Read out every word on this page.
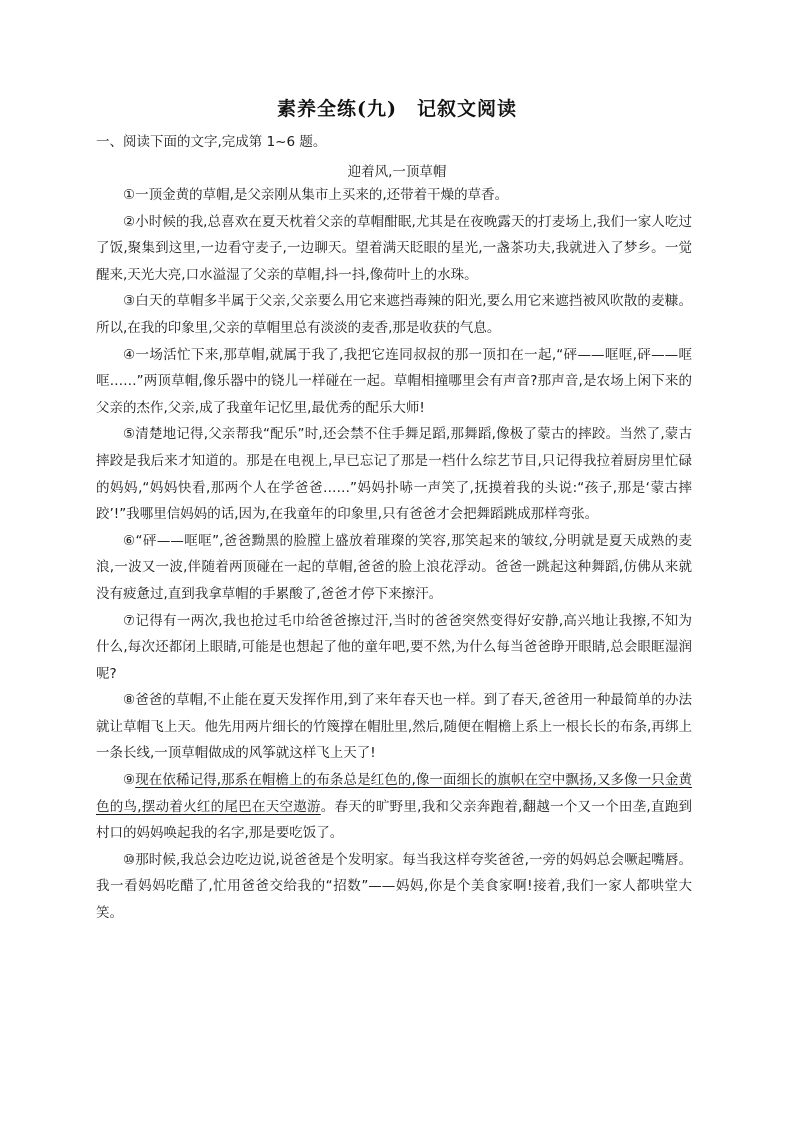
素养全练(九)　记叙文阅读
一、阅读下面的文字,完成第 1~6 题。
迎着风,一顶草帽

①一顶金黄的草帽,是父亲刚从集市上买来的,还带着干燥的草香。

②小时候的我,总喜欢在夏天枕着父亲的草帽酣眠,尤其是在夜晚露天的打麦场上,我们一家人吃过了饭,聚集到这里,一边看守麦子,一边聊天。望着满天眨眼的星光,一盏茶功夫,我就进入了梦乡。一觉醒来,天光大亮,口水溢湿了父亲的草帽,抖一抖,像荷叶上的水珠。

③白天的草帽多半属于父亲,父亲要么用它来遮挡毒辣的阳光,要么用它来遮挡被风吹散的麦糠。所以,在我的印象里,父亲的草帽里总有淡淡的麦香,那是收获的气息。

④一场活忙下来,那草帽,就属于我了,我把它连同叔叔的那一顶扣在一起,“砰——哐哐,砰——哐哐……”两顶草帽,像乐器中的铙儿一样碰在一起。草帽相撞哪里会有声音?那声音,是农场上闲下来的父亲的杰作,父亲,成了我童年记忆里,最优秀的配乐大师!

⑤清楚地记得,父亲帮我“配乐”时,还会禁不住手舞足蹈,那舞蹈,像极了蒙古的摔跤。当然了,蒙古摔跤是我后来才知道的。那是在电视上,早已忘记了那是一档什么综艺节目,只记得我拉着厨房里忙碌的妈妈,“妈妈快看,那两个人在学爸爸……”妈妈扑哧一声笑了,抚摸着我的头说:“孩子,那是‘蒙古摔跤’!”我哪里信妈妈的话,因为,在我童年的印象里,只有爸爸才会把舞蹈跳成那样弯张。

⑥“砰——哐哐”,爸爸黝黑的脸膛上盛放着璀璨的笑容,那笑起来的皱纹,分明就是夏天成熟的麦浪,一波又一波,伴随着两顶碰在一起的草帽,爸爸的脸上浪花浮动。爸爸一跳起这种舞蹈,仿佛从来就没有疲惫过,直到我拿草帽的手累酸了,爸爸才停下来擦汗。

⑦记得有一两次,我也抢过毛巾给爸爸擦过汗,当时的爸爸突然变得好安静,高兴地让我擦,不知为什么,每次还都闭上眼睛,可能是也想起了他的童年吧,要不然,为什么每当爸爸睁开眼睛,总会眼眶湿润呢?

⑧爸爸的草帽,不止能在夏天发挥作用,到了来年春天也一样。到了春天,爸爸用一种最简单的办法就让草帽飞上天。他先用两片细长的竹篾撑在帽肚里,然后,随便在帽檐上系上一根长长的布条,再绑上一条长线,一顶草帽做成的风筝就这样飞上天了!

⑨现在依稀记得,那系在帽檐上的布条总是红色的,像一面细长的旗帜在空中飘扬,又多像一只金黄色的鸟,摆动着火红的尾巴在天空遨游。春天的旷野里,我和父亲奔跑着,翻越一个又一个田垄,直跑到村口的妈妈唤起我的名字,那是要吃饭了。

⑩那时候,我总会边吃边说,说爸爸是个发明家。每当我这样夸奖爸爸,一旁的妈妈总会噘起嘴唇。我一看妈妈吃醋了,忙用爸爸交给我的“招数”——妈妈,你是个美食家啊!接着,我们一家人都哄堂大笑。
